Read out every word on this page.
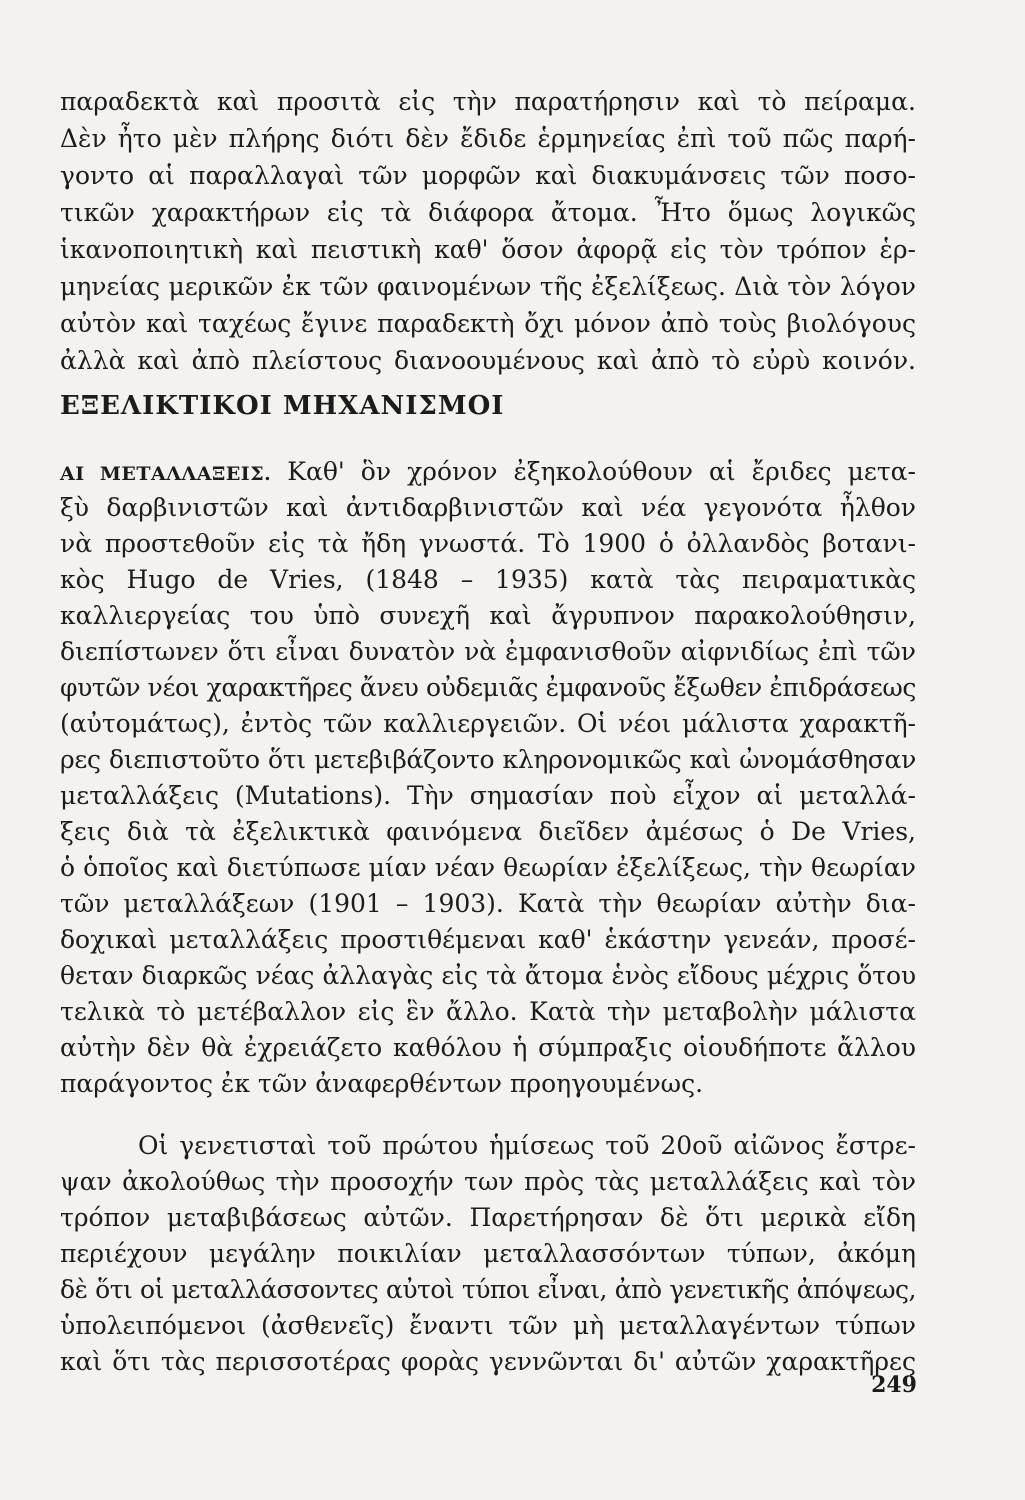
παραδεκτὰ καὶ προσιτὰ εἰς τὴν παρατήρησιν καὶ τὸ πείραμα.
Δὲν ἦτο μὲν πλήρης διότι δὲν ἔδιδε ἑρμηνείας ἐπὶ τοῦ πῶς παρή-
γοντο αἱ παραλλαγαὶ τῶν μορφῶν καὶ διακυμάνσεις τῶν ποσο-
τικῶν χαρακτήρων εἰς τὰ διάφορα ἄτομα. Ἦτο ὅμως λογικῶς
ἱκανοποιητικὴ καὶ πειστικὴ καθ' ὅσον ἀφορᾷ εἰς τὸν τρόπον ἑρ-
μηνείας μερικῶν ἐκ τῶν φαινομένων τῆς ἐξελίξεως. Διὰ τὸν λόγον
αὐτὸν καὶ ταχέως ἔγινε παραδεκτὴ ὄχι μόνον ἀπὸ τοὺς βιολόγους
ἀλλὰ καὶ ἀπὸ πλείστους διανοουμένους καὶ ἀπὸ τὸ εὐρὺ κοινόν.
ΕΞΕΛΙΚΤΙΚΟΙ ΜΗΧΑΝΙΣΜΟΙ
ΑΙ ΜΕΤΑΛΛΑΞΕΙΣ. Καθ' ὃν χρόνον ἐξηκολούθουν αἱ ἔριδες μετα-
ξὺ δαρβινιστῶν καὶ ἀντιδαρβινιστῶν καὶ νέα γεγονότα ἦλθον
νὰ προστεθοῦν εἰς τὰ ἤδη γνωστά. Τὸ 1900 ὁ ὀλλανδὸς βοτανι-
κὸς Hugo de Vries, (1848 – 1935) κατὰ τὰς πειραματικὰς
καλλιεργείας του ὑπὸ συνεχῆ καὶ ἄγρυπνον παρακολούθησιν,
διεπίστωνεν ὅτι εἶναι δυνατὸν νὰ ἐμφανισθοῦν αἰφνιδίως ἐπὶ τῶν
φυτῶν νέοι χαρακτῆρες ἄνευ οὐδεμιᾶς ἐμφανοῦς ἔξωθεν ἐπιδράσεως
(αὐτομάτως), ἐντὸς τῶν καλλιεργειῶν. Οἱ νέοι μάλιστα χαρακτῆ-
ρες διεπιστοῦτο ὅτι μετεβιβάζοντο κληρονομικῶς καὶ ὠνομάσθησαν
μεταλλάξεις (Mutations). Τὴν σημασίαν ποὺ εἶχον αἱ μεταλλά-
ξεις διὰ τὰ ἐξελικτικὰ φαινόμενα διεῖδεν ἀμέσως ὁ De Vries,
ὁ ὁποῖος καὶ διετύπωσε μίαν νέαν θεωρίαν ἐξελίξεως, τὴν θεωρίαν
τῶν μεταλλάξεων (1901 – 1903). Κατὰ τὴν θεωρίαν αὐτὴν δια-
δοχικαὶ μεταλλάξεις προστιθέμεναι καθ' ἑκάστην γενεάν, προσέ-
θεταν διαρκῶς νέας ἀλλαγὰς εἰς τὰ ἄτομα ἑνὸς εἴδους μέχρις ὅτου
τελικὰ τὸ μετέβαλλον εἰς ἓν ἄλλο. Κατὰ τὴν μεταβολὴν μάλιστα
αὐτὴν δὲν θὰ ἐχρειάζετο καθόλου ἡ σύμπραξις οἱουδήποτε ἄλλου
παράγοντος ἐκ τῶν ἀναφερθέντων προηγουμένως.
Οἱ γενετισταὶ τοῦ πρώτου ἡμίσεως τοῦ 20οῦ αἰῶνος ἔστρε-
ψαν ἀκολούθως τὴν προσοχήν των πρὸς τὰς μεταλλάξεις καὶ τὸν
τρόπον μεταβιβάσεως αὐτῶν. Παρετήρησαν δὲ ὅτι μερικὰ εἴδη
περιέχουν μεγάλην ποικιλίαν μεταλλασσόντων τύπων, ἀκόμη
δὲ ὅτι οἱ μεταλλάσσοντες αὐτοὶ τύποι εἶναι, ἀπὸ γενετικῆς ἀπόψεως,
ὑπολειπόμενοι (ἀσθενεῖς) ἔναντι τῶν μὴ μεταλλαγέντων τύπων
καὶ ὅτι τὰς περισσοτέρας φορὰς γεννῶνται δι' αὐτῶν χαρακτῆρες
249
